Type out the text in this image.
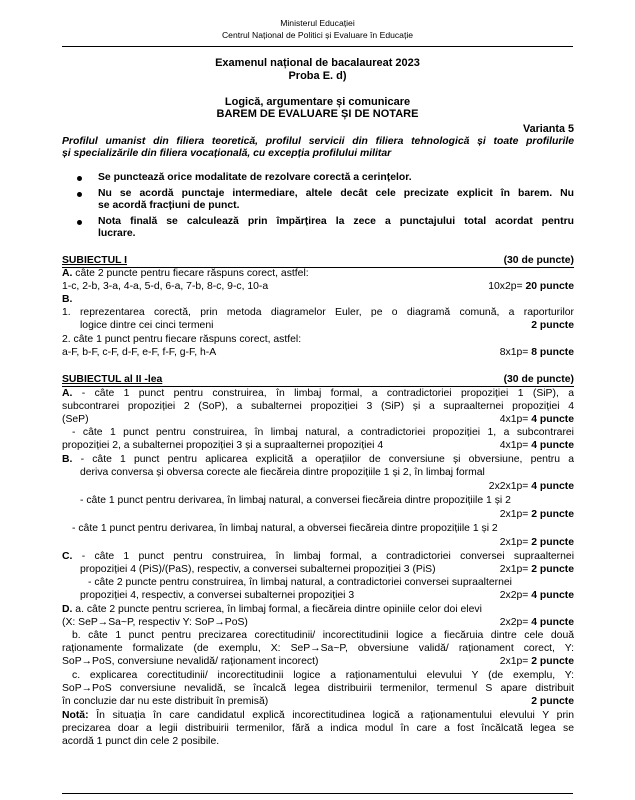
Ministerul Educației
Centrul Național de Politici și Evaluare în Educație
Examenul național de bacalaureat 2023
Proba E. d)
Logică, argumentare și comunicare
BAREM DE EVALUARE ȘI DE NOTARE
Varianta 5
Profilul umanist din filiera teoretică, profilul servicii din filiera tehnologică și toate profilurile
și specializările din filiera vocațională, cu excepția profilului militar
Se punctează orice modalitate de rezolvare corectă a cerințelor.
Nu se acordă punctaje intermediare, altele decât cele precizate explicit în barem. Nu
se acordă fracțiuni de punct.
Nota finală se calculează prin împărțirea la zece a punctajului total acordat pentru
lucrare.
SUBIECTUL I	(30 de puncte)
A. câte 2 puncte pentru fiecare răspuns corect, astfel:
1-c, 2-b, 3-a, 4-a, 5-d, 6-a, 7-b, 8-c, 9-c, 10-a	10x2p= 20 puncte
B.
1. reprezentarea corectă, prin metoda diagramelor Euler, pe o diagramă comună, a raporturilor
logice dintre cei cinci termeni	2 puncte
2. câte 1 punct pentru fiecare răspuns corect, astfel:
a-F, b-F, c-F, d-F, e-F, f-F, g-F, h-A	8x1p= 8 puncte
SUBIECTUL al II -lea	(30 de puncte)
A. - câte 1 punct pentru construirea, în limbaj formal, a contradictoriei propoziției 1 (SiP), a
subcontrarei propoziției 2 (SoP), a subalternei propoziției 3 (SiP) și a supraalternei propoziției 4
(SeP)	4x1p= 4 puncte
- câte 1 punct pentru construirea, în limbaj natural, a contradictoriei propoziției 1, a subcontrarei
propoziției 2, a subalternei propoziției 3 și a supraalternei propoziției 4	4x1p= 4 puncte
B. - câte 1 punct pentru aplicarea explicită a operațiilor de conversiune și obversiune, pentru a
deriva conversa și obversa corecte ale fiecăreia dintre propozițiile 1 și 2, în limbaj formal
2x2x1p= 4 puncte
- câte 1 punct pentru derivarea, în limbaj natural, a conversei fiecăreia dintre propozițiile 1 și 2
2x1p= 2 puncte
- câte 1 punct pentru derivarea, în limbaj natural, a obversei fiecăreia dintre propozițiile 1 și 2
2x1p= 2 puncte
C. - câte 1 punct pentru construirea, în limbaj formal, a contradictoriei conversei supraalternei
propoziției 4 (PiS)/(PaS), respectiv, a conversei subalternei propoziției 3 (PiS)	2x1p= 2 puncte
- câte 2 puncte pentru construirea, în limbaj natural, a contradictoriei conversei supraalternei
propoziției 4, respectiv, a conversei subalternei propoziției 3	2x2p= 4 puncte
D. a. câte 2 puncte pentru scrierea, în limbaj formal, a fiecăreia dintre opiniile celor doi elevi
(X: SeP→Sa~P, respectiv Y: SoP→PoS)	2x2p= 4 puncte
b. câte 1 punct pentru precizarea corectitudinii/ incorectitudinii logice a fiecăruia dintre cele două
raționamente formalizate (de exemplu, X: SeP→Sa~P, obversiune validă/ raționament corect, Y:
SoP→PoS, conversiune nevalidă/ raționament incorect)	2x1p= 2 puncte
c. explicarea corectitudinii/ incorectitudinii logice a raționamentului elevului Y (de exemplu, Y:
SoP→PoS conversiune nevalidă, se încalcă legea distribuirii termenilor, termenul S apare distribuit
în concluzie dar nu este distribuit în premisă)	2 puncte
Notă: În situația în care candidatul explică incorectitudinea logică a raționamentului elevului Y prin
precizarea doar a legii distribuirii termenilor, fără a indica modul în care a fost încălcată legea se
acordă 1 punct din cele 2 posibile.
